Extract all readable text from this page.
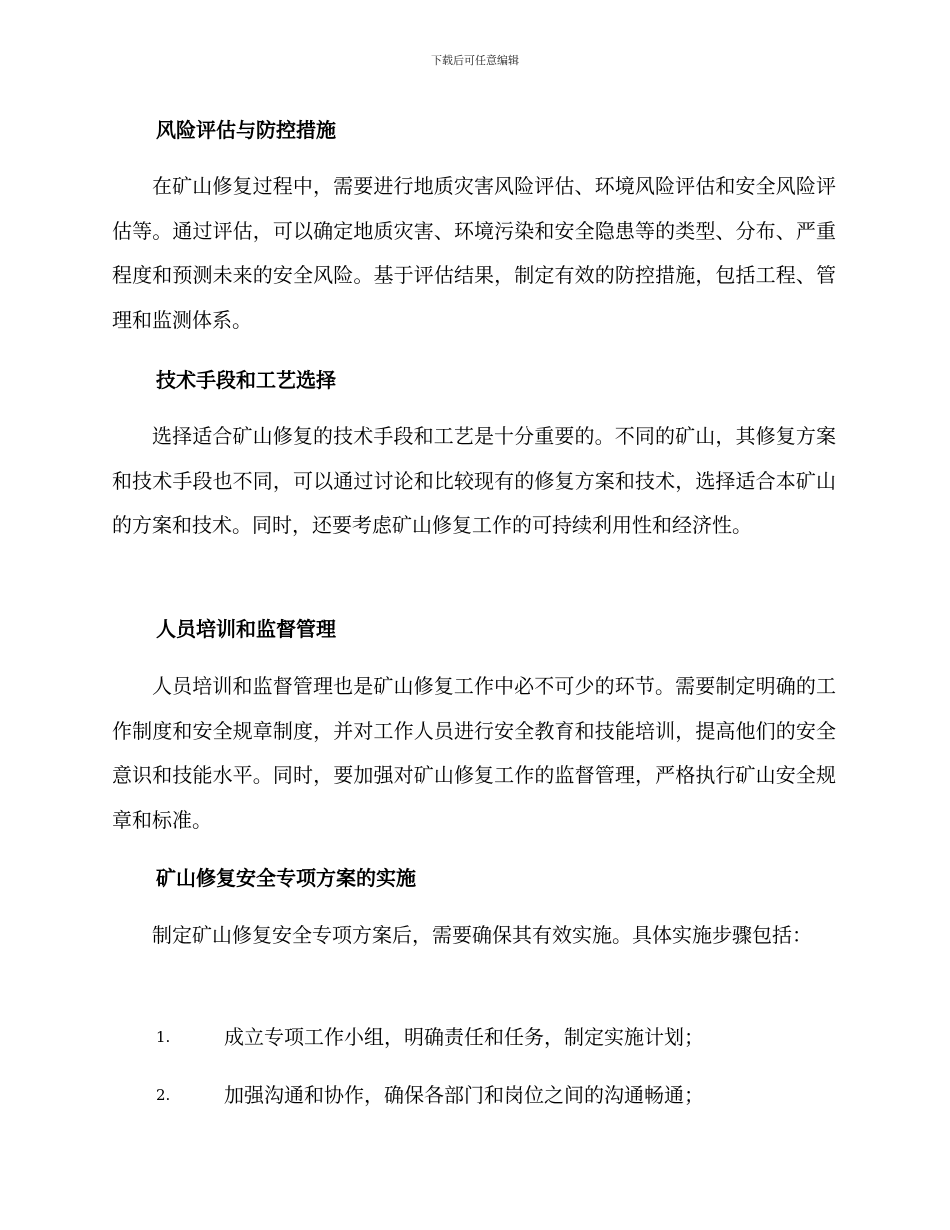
下载后可任意编辑
风险评估与防控措施
在矿山修复过程中，需要进行地质灾害风险评估、环境风险评估和安全风险评估等。通过评估，可以确定地质灾害、环境污染和安全隐患等的类型、分布、严重程度和预测未来的安全风险。基于评估结果，制定有效的防控措施，包括工程、管理和监测体系。
技术手段和工艺选择
选择适合矿山修复的技术手段和工艺是十分重要的。不同的矿山，其修复方案和技术手段也不同，可以通过讨论和比较现有的修复方案和技术，选择适合本矿山的方案和技术。同时，还要考虑矿山修复工作的可持续利用性和经济性。
人员培训和监督管理
人员培训和监督管理也是矿山修复工作中必不可少的环节。需要制定明确的工作制度和安全规章制度，并对工作人员进行安全教育和技能培训，提高他们的安全意识和技能水平。同时，要加强对矿山修复工作的监督管理，严格执行矿山安全规章和标准。
矿山修复安全专项方案的实施
制定矿山修复安全专项方案后，需要确保其有效实施。具体实施步骤包括：
1.	成立专项工作小组，明确责任和任务，制定实施计划；
2.	加强沟通和协作，确保各部门和岗位之间的沟通畅通；
